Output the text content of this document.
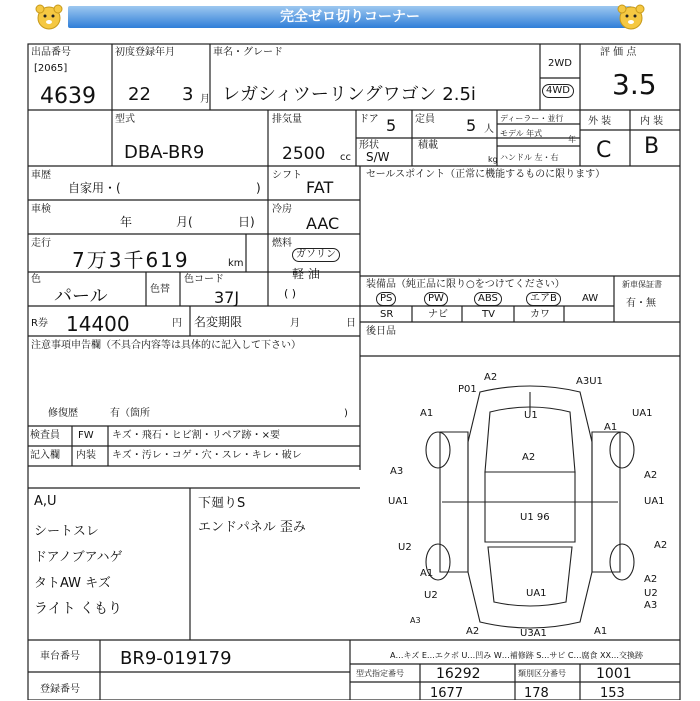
完全ゼロ切りコーナー
出品番号
[2065]
4639
初度登録年月
22 3 月
車名・グレード
レガシィツーリングワゴン 2.5i
2WD
4WD
評 価 点
3.5
型式
DBA-BR9
排気量
2500 cc
ドア 5 定員 5 人
ディーラー・並行
モデル 年式
年
ハンドル 左・右
形状
S/W
積載
kg
外 装	内 装
C B
車歴
自家用・(	)
シフト
FAT
車検
年	月(	日)
冷房
AAC
走行
7万3千619	km
燃料
ガソリン
軽 油
( )
色
パール	色替
色コード
37J
R券 14400	円 名変期限	月	日
注意事項申告欄（不具合内容等は具体的に記入して下さい）
修復歴	有（箇所	)
セールスポイント（正常に機能するものに限ります）
装備品（純正品に限り○をつけてください）
PS	PW	ABS	エアB	AW
SR	ナビ	TV	カワ
新車保証書
有・無
後日品
検査員
記入欄
FW
内装
キズ・飛石・ヒビ割・リペア跡・×要
キズ・汚レ・コゲ・穴・スレ・キレ・破レ
A,U
シートスレ
ドアノブアハゲ
タトAW キズ
ライト くもり
下廻りS
エンドパネル 歪み
A2
P01
A3U1
U1
A1	UA1
A1
A2
A3	A2
UA1
U1 96
UA1
U2	A2
A1
UA1
A2
U2
A3
U2
U3A1
A2	A1
A3
車台番号 BR9-019179
登録番号
A…キズ E…エクボ U…凹み W…補修跡 S…サビ C…腐食 XX…交換跡
型式指定番号 16292	類別区分番号 1001
1677	178	153
